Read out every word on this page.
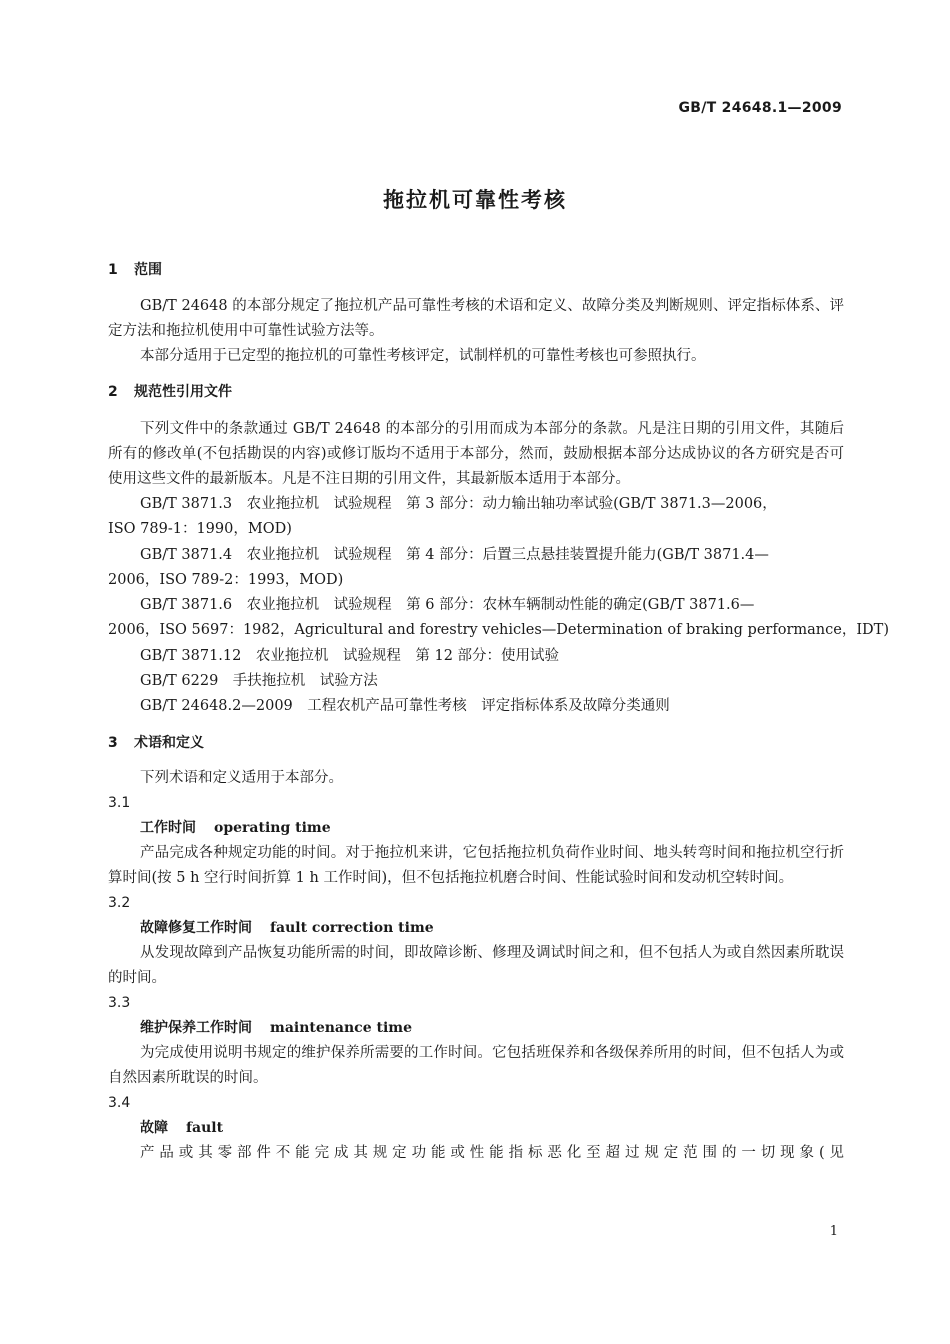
GB/T 24648.1—2009
拖拉机可靠性考核
1 范围

GB/T 24648 的本部分规定了拖拉机产品可靠性考核的术语和定义、故障分类及判断规则、评定指标体系、评定方法和拖拉机使用中可靠性试验方法等。

本部分适用于已定型的拖拉机的可靠性考核评定，试制样机的可靠性考核也可参照执行。

2 规范性引用文件

下列文件中的条款通过 GB/T 24648 的本部分的引用而成为本部分的条款。凡是注日期的引用文件，其随后所有的修改单(不包括勘误的内容)或修订版均不适用于本部分，然而，鼓励根据本部分达成协议的各方研究是否可使用这些文件的最新版本。凡是不注日期的引用文件，其最新版本适用于本部分。

GB/T 3871.3　农业拖拉机　试验规程　第 3 部分：动力输出轴功率试验(GB/T 3871.3—2006，
ISO 789-1：1990，MOD)
GB/T 3871.4　农业拖拉机　试验规程　第 4 部分：后置三点悬挂装置提升能力(GB/T 3871.4—
2006，ISO 789-2：1993，MOD)
GB/T 3871.6　农业拖拉机　试验规程　第 6 部分：农林车辆制动性能的确定(GB/T 3871.6—
2006，ISO 5697：1982，Agricultural and forestry vehicles—Determination of braking performance，IDT)
GB/T 3871.12　农业拖拉机　试验规程　第 12 部分：使用试验
GB/T 6229　手扶拖拉机　试验方法
GB/T 24648.2—2009　工程农机产品可靠性考核　评定指标体系及故障分类通则
3 术语和定义

下列术语和定义适用于本部分。

3.1
工作时间 operating time

产品完成各种规定功能的时间。对于拖拉机来讲，它包括拖拉机负荷作业时间、地头转弯时间和拖拉机空行折算时间(按 5 h 空行时间折算 1 h 工作时间)，但不包括拖拉机磨合时间、性能试验时间和发动机空转时间。

3.2
故障修复工作时间 fault correction time

从发现故障到产品恢复功能所需的时间，即故障诊断、修理及调试时间之和，但不包括人为或自然因素所耽误的时间。

3.3
维护保养工作时间 maintenance time

为完成使用说明书规定的维护保养所需要的工作时间。它包括班保养和各级保养所用的时间，但不包括人为或自然因素所耽误的时间。

3.4
故障 fault

产品或其零部件不能完成其规定功能或性能指标恶化至超过规定范围的一切现象(见

1
